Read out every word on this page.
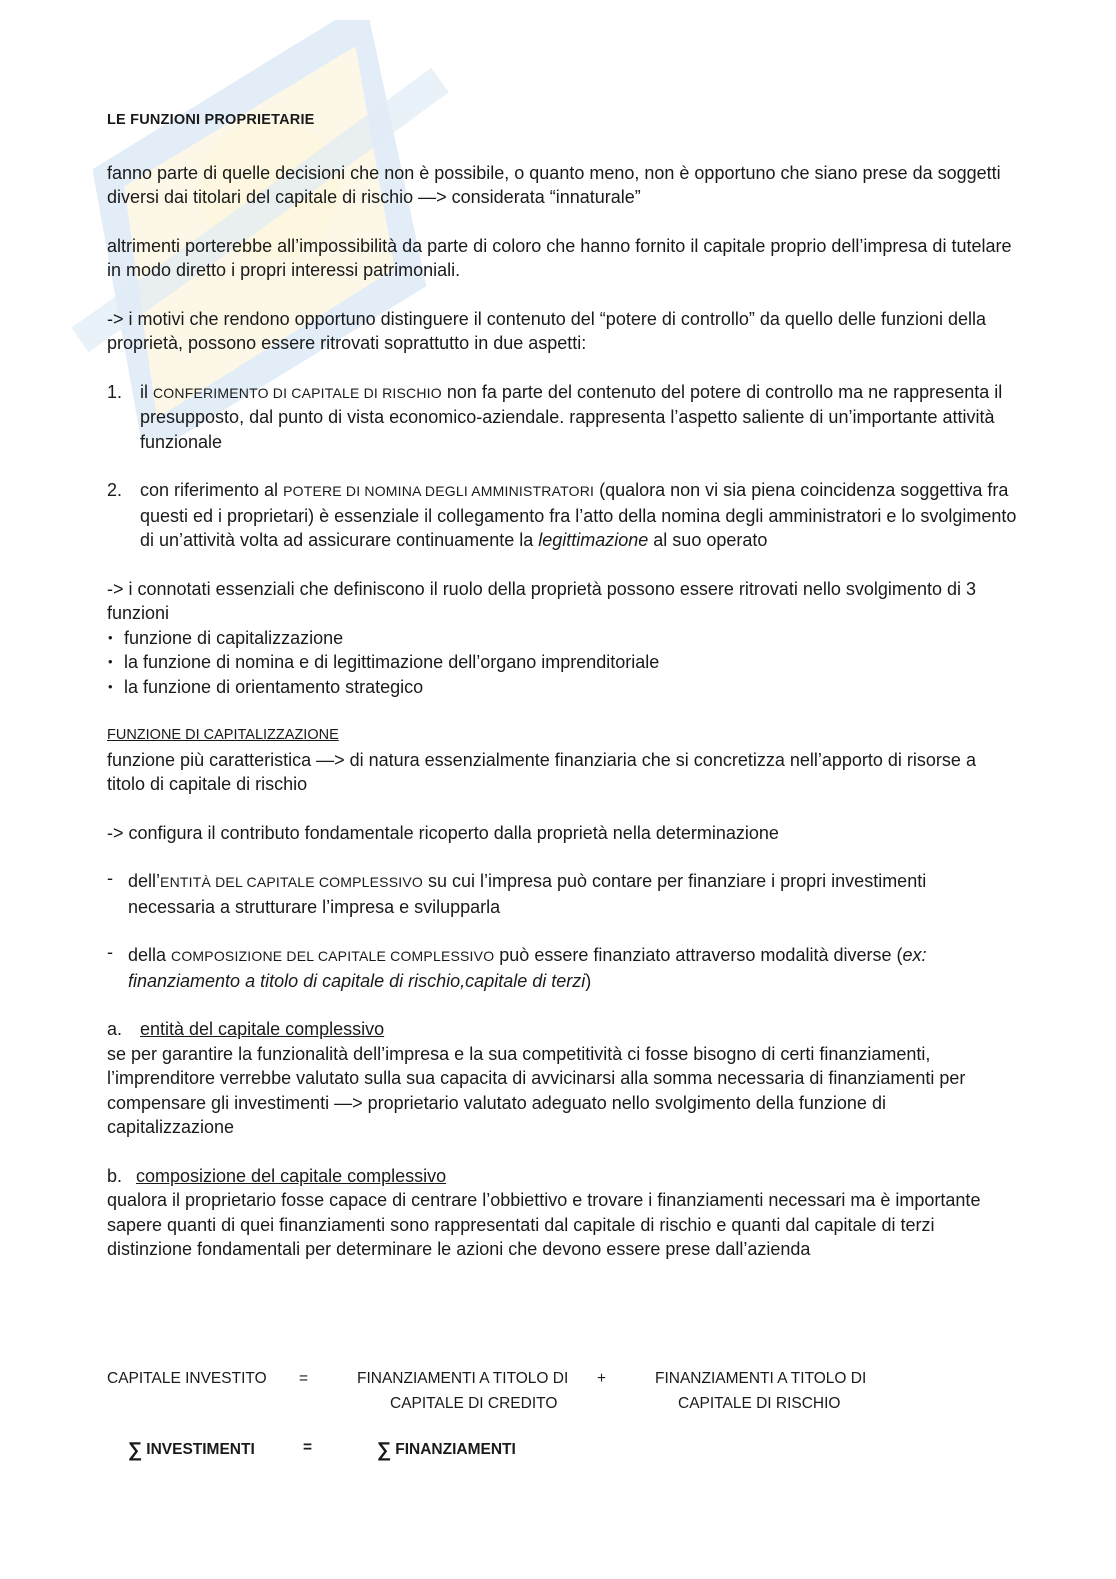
LE FUNZIONI PROPRIETARIE

fanno parte di quelle decisioni che non è possibile, o quanto meno, non è opportuno che siano prese da soggetti diversi dai titolari del capitale di rischio —> considerata “innaturale”

altrimenti porterebbe all’impossibilità da parte di coloro che hanno fornito il capitale proprio dell’impresa di tutelare in modo diretto i propri interessi patrimoniali.

-> i motivi che rendono opportuno distinguere il contenuto del “potere di controllo” da quello delle funzioni della proprietà, possono essere ritrovati soprattutto in due aspetti:

1. il CONFERIMENTO DI CAPITALE DI RISCHIO non fa parte del contenuto del potere di controllo ma ne rappresenta il presupposto, dal punto di vista economico-aziendale. rappresenta l’aspetto saliente di un’importante attività funzionale
2. con riferimento al POTERE DI NOMINA DEGLI AMMINISTRATORI (qualora non vi sia piena coincidenza soggettiva fra questi ed i proprietari) è essenziale il collegamento fra l’atto della nomina degli amministratori e lo svolgimento di un’attività volta ad assicurare continuamente la legittimazione al suo operato

-> i connotati essenziali che definiscono il ruolo della proprietà possono essere ritrovati nello svolgimento di 3 funzioni

• funzione di capitalizzazione
• la funzione di nomina e di legittimazione dell’organo imprenditoriale
• la funzione di orientamento strategico
FUNZIONE DI CAPITALIZZAZIONE

funzione più caratteristica —> di natura essenzialmente finanziaria che si concretizza nell’apporto di risorse a titolo di capitale di rischio

-> configura il contributo fondamentale ricoperto dalla proprietà nella determinazione

- dell’ENTITÀ DEL CAPITALE COMPLESSIVO su cui l’impresa può contare per finanziare i propri investimenti necessaria a strutturare l’impresa e svilupparla
- della COMPOSIZIONE DEL CAPITALE COMPLESSIVO può essere finanziato attraverso modalità diverse (ex: finanziamento a titolo di capitale di rischio,capitale di terzi)
a. entità del capitale complessivo

se per garantire la funzionalità dell’impresa e la sua competitività ci fosse bisogno di certi finanziamenti, l’imprenditore verrebbe valutato sulla sua capacita di avvicinarsi alla somma necessaria di finanziamenti per compensare gli investimenti —> proprietario valutato adeguato nello svolgimento della funzione di capitalizzazione

b. composizione del capitale complessivo

qualora il proprietario fosse capace di centrare l’obbiettivo e trovare i finanziamenti necessari ma è importante sapere quanti di quei finanziamenti sono rappresentati dal capitale di rischio e quanti dal capitale di terzi

distinzione fondamentali per determinare le azioni che devono essere prese dall’azienda

CAPITALE INVESTITO =	FINANZIAMENTI A TITOLO DI
CAPITALE DI CREDITO
+	FINANZIAMENTI A TITOLO DI
CAPITALE DI RISCHIO
∑ INVESTIMENTI	=	∑ FINANZIAMENTI
